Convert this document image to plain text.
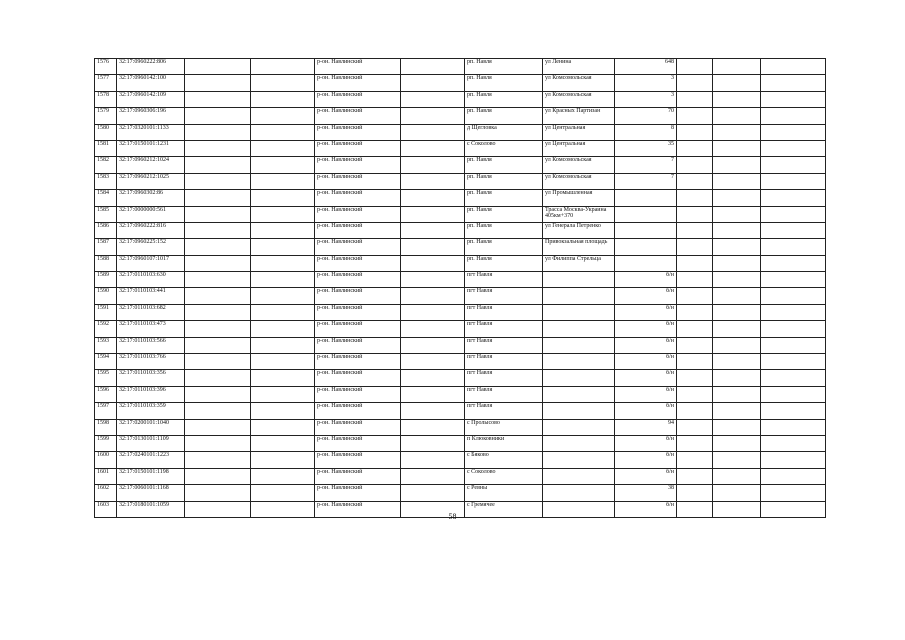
1576	32:17:0960222:806			р-он. Навлинский		рп. Навля	ул Ленина	648			
1577	32:17:0960142:100			р-он. Навлинский		рп. Навля	ул Комсомольская	3			
1578	32:17:0960142:109			р-он. Навлинский		рп. Навля	ул Комсомольская	3			
1579	32:17:0960306:196			р-он. Навлинский		рп. Навля	ул Красных Партизан	70			
1580	32:17:0320101:1133			р-он. Навлинский		д Щегловка	ул Центральная	8			
1581	32:17:0150101:1231			р-он. Навлинский		с Соколово	ул Центральная	35			
1582	32:17:0960212:1024			р-он. Навлинский		рп. Навля	ул Комсомольская	7			
1583	32:17:0960212:1025			р-он. Навлинский		рп. Навля	ул Комсомольская	7			
1584	32:17:0960302:86			р-он. Навлинский		рп. Навля	ул Промышленная				
1585	32:17:0000000:561			р-он. Навлинский		рп. Навля	Трасса Москва-Украина 405км+370				
1586	32:17:0960222:816			р-он. Навлинский		рп. Навля	ул Генерала Петренко				
1587	32:17:0960225:152			р-он. Навлинский		рп. Навля	Привокзальная площадь				
1588	32:17:0960107:1017			р-он. Навлинский		рп. Навля	ул Филиппа Стрельца				
1589	32:17:0110103:630			р-он. Навлинский		пгт Навля		б/н			
1590	32:17:0110103:441			р-он. Навлинский		пгт Навля		б/н			
1591	32:17:0110103:682			р-он. Навлинский		пгт Навля		б/н			
1592	32:17:0110103:473			р-он. Навлинский		пгт Навля		б/н			
1593	32:17:0110103:566			р-он. Навлинский		пгт Навля		б/н			
1594	32:17:0110103:766			р-он. Навлинский		пгт Навля		б/н			
1595	32:17:0110103:356			р-он. Навлинский		пгт Навля		б/н			
1596	32:17:0110103:396			р-он. Навлинский		пгт Навля		б/н			
1597	32:17:0110103:359			р-он. Навлинский		пгт Навля		б/н			
1598	32:17:0200101:1040			р-он. Навлинский		с Пролысово		94			
1599	32:17:0130101:1109			р-он. Навлинский		п Клюковники		б/н			
1600	32:17:0240101:1223			р-он. Навлинский		с Бяково		б/н			
1601	32:17:0150101:1198			р-он. Навлинский		с Соколово		б/н			
1602	32:17:0060101:1168			р-он. Навлинский		с Ревны		38			
1603	32:17:0180101:1059			р-он. Навлинский		с Гремячее		б/н			
58
